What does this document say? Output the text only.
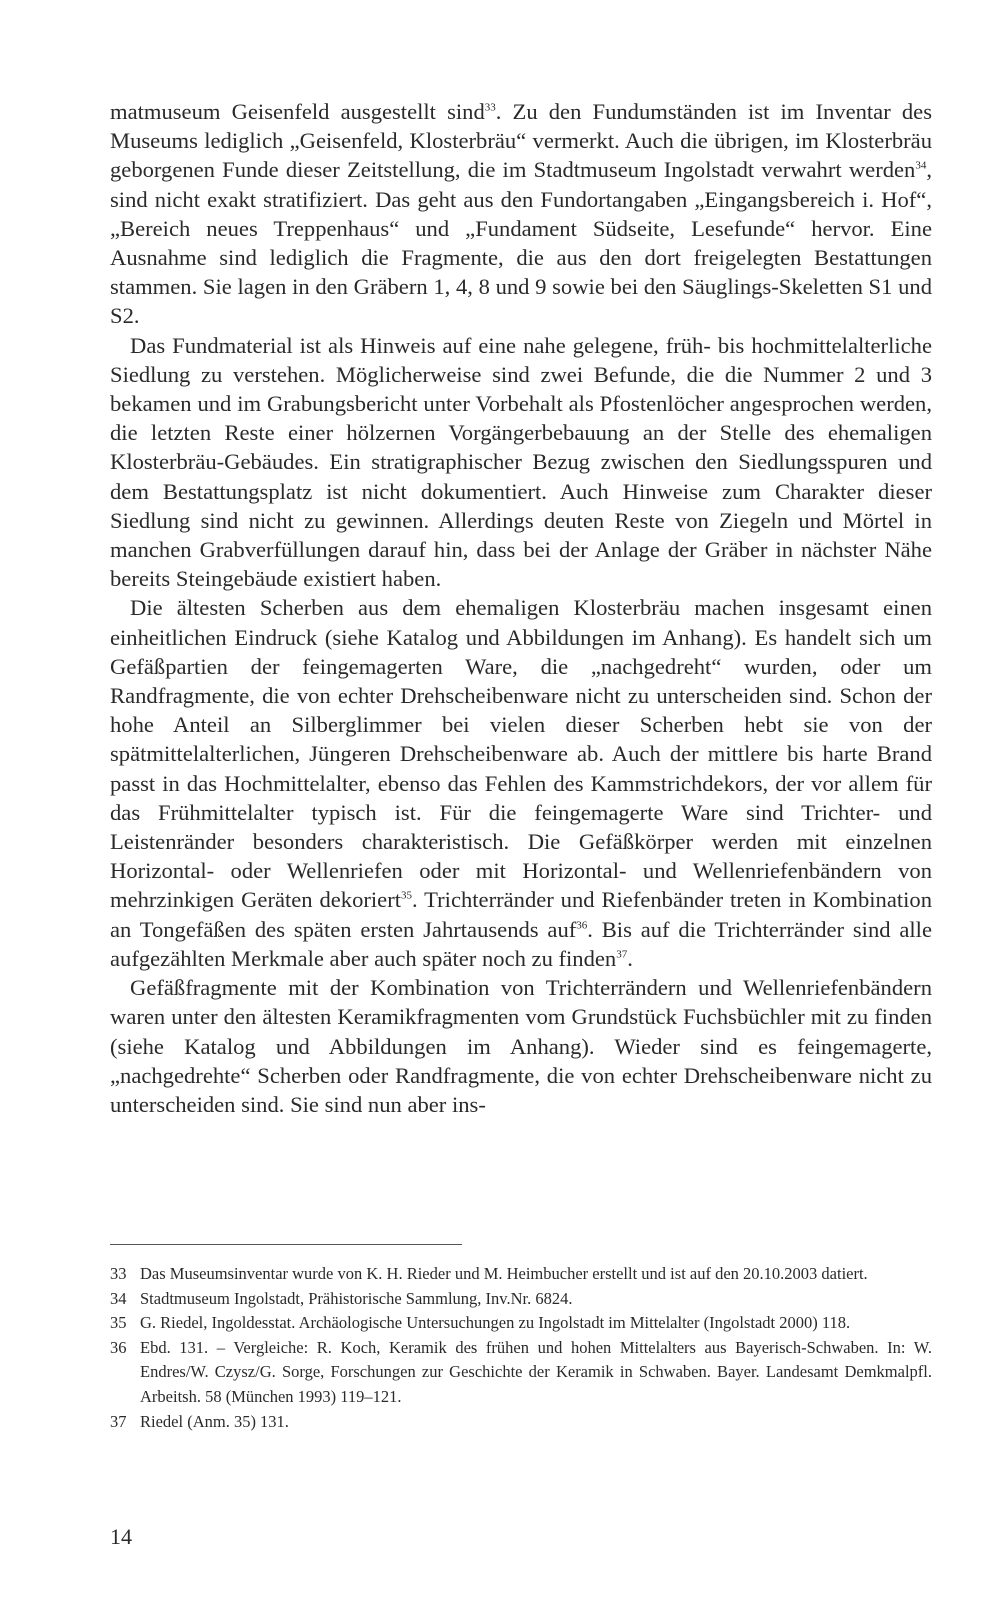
matmuseum Geisenfeld ausgestellt sind$^{33}$. Zu den Fundumständen ist im Inventar des Museums lediglich „Geisenfeld, Klosterbräu“ vermerkt. Auch die übrigen, im Klosterbräu geborgenen Funde dieser Zeitstellung, die im Stadtmuseum Ingolstadt verwahrt werden$^{34}$, sind nicht exakt stratifiziert. Das geht aus den Fundortangaben „Eingangsbereich i. Hof“, „Bereich neues Treppenhaus“ und „Fundament Südseite, Lesefunde“ hervor. Eine Ausnahme sind lediglich die Fragmente, die aus den dort freigelegten Bestattungen stammen. Sie lagen in den Gräbern 1, 4, 8 und 9 sowie bei den Säuglings-Skeletten S1 und S2.

Das Fundmaterial ist als Hinweis auf eine nahe gelegene, früh- bis hochmittelalterliche Siedlung zu verstehen. Möglicherweise sind zwei Befunde, die die Nummer 2 und 3 bekamen und im Grabungsbericht unter Vorbehalt als Pfostenlöcher angesprochen werden, die letzten Reste einer hölzernen Vorgängerbebauung an der Stelle des ehemaligen Klosterbräu-Gebäudes. Ein stratigraphischer Bezug zwischen den Siedlungsspuren und dem Bestattungsplatz ist nicht dokumentiert. Auch Hinweise zum Charakter dieser Siedlung sind nicht zu gewinnen. Allerdings deuten Reste von Ziegeln und Mörtel in manchen Grabverfüllungen darauf hin, dass bei der Anlage der Gräber in nächster Nähe bereits Steingebäude existiert haben.

Die ältesten Scherben aus dem ehemaligen Klosterbräu machen insgesamt einen einheitlichen Eindruck (siehe Katalog und Abbildungen im Anhang). Es handelt sich um Gefäßpartien der feingemagerten Ware, die „nachgedreht“ wurden, oder um Randfragmente, die von echter Drehscheibenware nicht zu unterscheiden sind. Schon der hohe Anteil an Silberglimmer bei vielen dieser Scherben hebt sie von der spätmittelalterlichen, Jüngeren Drehscheibenware ab. Auch der mittlere bis harte Brand passt in das Hochmittelalter, ebenso das Fehlen des Kammstrichdekors, der vor allem für das Frühmittelalter typisch ist. Für die feingemagerte Ware sind Trichter- und Leistenränder besonders charakteristisch. Die Gefäßkörper werden mit einzelnen Horizontal- oder Wellenriefen oder mit Horizontal- und Wellenriefenbändern von mehrzinkigen Geräten dekoriert$^{35}$. Trichterränder und Riefenbänder treten in Kombination an Tongefäßen des späten ersten Jahrtausends auf$^{36}$. Bis auf die Trichterränder sind alle aufgezählten Merkmale aber auch später noch zu finden$^{37}$.

Gefäßfragmente mit der Kombination von Trichterrändern und Wellenriefenbändern waren unter den ältesten Keramikfragmenten vom Grundstück Fuchsbüchler mit zu finden (siehe Katalog und Abbildungen im Anhang). Wieder sind es feingemagerte, „nachgedrehte“ Scherben oder Randfragmente, die von echter Drehscheibenware nicht zu unterscheiden sind. Sie sind nun aber ins-

33 Das Museumsinventar wurde von K. H. Rieder und M. Heimbucher erstellt und ist auf den 20.10.2003 datiert.
34 Stadtmuseum Ingolstadt, Prähistorische Sammlung, Inv.Nr. 6824.
35 G. Riedel, Ingoldesstat. Archäologische Untersuchungen zu Ingolstadt im Mittelalter (Ingolstadt 2000) 118.
36 Ebd. 131. – Vergleiche: R. Koch, Keramik des frühen und hohen Mittelalters aus Bayerisch-Schwaben. In: W. Endres/W. Czysz/G. Sorge, Forschungen zur Geschichte der Keramik in Schwaben. Bayer. Landesamt Demkmalpfl. Arbeitsh. 58 (München 1993) 119–121.
37 Riedel (Anm. 35) 131.
14
